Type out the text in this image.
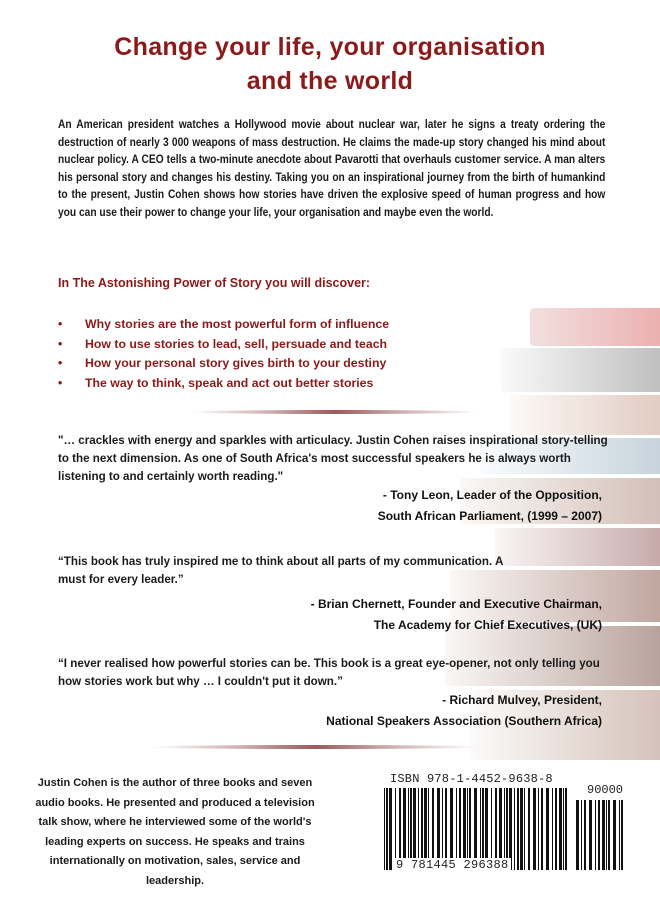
Change your life, your organisation
and the world
An American president watches a Hollywood movie about nuclear war, later he signs a treaty ordering the destruction of nearly 3 000 weapons of mass destruction. He claims the made-up story changed his mind about nuclear policy. A CEO tells a two-minute anecdote about Pavarotti that overhauls customer service. A man alters his personal story and changes his destiny. Taking you on an inspirational journey from the birth of humankind to the present, Justin Cohen shows how stories have driven the explosive speed of human progress and how you can use their power to change your life, your organisation and maybe even the world.
In The Astonishing Power of Story you will discover:
• Why stories are the most powerful form of influence
• How to use stories to lead, sell, persuade and teach
• How your personal story gives birth to your destiny
• The way to think, speak and act out better stories
"… crackles with energy and sparkles with articulacy. Justin Cohen raises inspirational story-telling to the next dimension. As one of South Africa's most successful speakers he is always worth listening to and certainly worth reading."
- Tony Leon, Leader of the Opposition,
South African Parliament, (1999 – 2007)
“This book has truly inspired me to think about all parts of my communication. A must for every leader.”
- Brian Chernett, Founder and Executive Chairman,
The Academy for Chief Executives, (UK)
“I never realised how powerful stories can be. This book is a great eye-opener, not only telling you how stories work but why … I couldn't put it down.”
- Richard Mulvey, President,
National Speakers Association (Southern Africa)
Justin Cohen is the author of three books and seven audio books. He presented and produced a television talk show, where he interviewed some of the world's leading experts on success. He speaks and trains internationally on motivation, sales, service and leadership.
ISBN 978-1-4452-9638-8
90000
9 781445 296388
